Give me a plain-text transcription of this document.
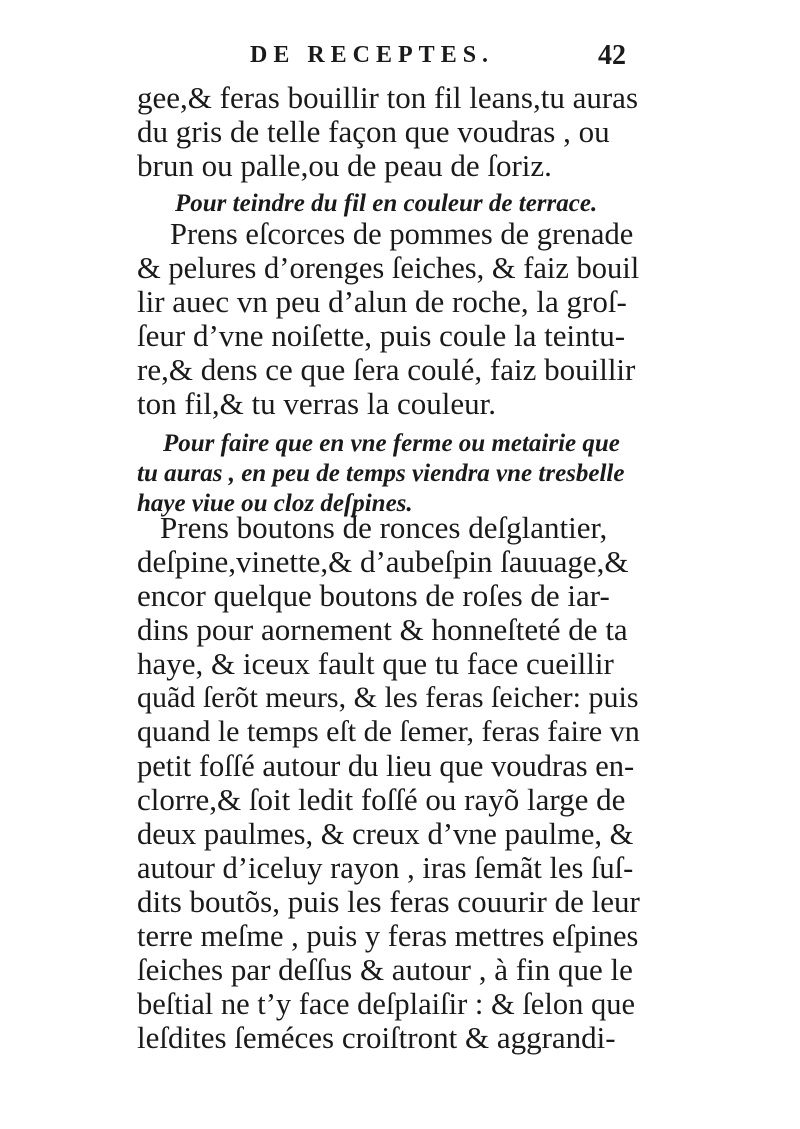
DE RECEPTES.	42
gee,& feras bouillir ton fil leans,tu auras
du gris de telle façon que voudras , ou
brun ou palle,ou de peau de ſoriz.
Pour teindre du fil en couleur de terrace.
Prens eſcorces de pommes de grenade
& pelures d’orenges ſeiches, & faiz bouil
lir auec vn peu d’alun de roche, la groſ-
ſeur d’vne noiſette, puis coule la teintu-
re,& dens ce que ſera coulé, faiz bouillir
ton fil,& tu verras la couleur.
Pour faire que en vne ferme ou metairie que
tu auras , en peu de temps viendra vne tresbelle
haye viue ou cloz deſpines.
Prens boutons de ronces deſglantier,
deſpine,vinette,& d’aubeſpin ſauuage,&
encor quelque boutons de roſes de iar-
dins pour aornement & honneſteté de ta
haye, & iceux fault que tu face cueillir
quãd ſerõt meurs, & les feras ſeicher: puis
quand le temps eſt de ſemer, feras faire vn
petit foſſé autour du lieu que voudras en-
clorre,& ſoit ledit foſſé ou rayõ large de
deux paulmes, & creux d’vne paulme, &
autour d’iceluy rayon , iras ſemãt les ſuſ-
dits boutõs, puis les feras couurir de leur
terre meſme , puis y feras mettres eſpines
ſeiches par deſſus & autour , à fin que le
beſtial ne t’y face deſplaiſir : & ſelon que
leſdites ſeméces croiſtront & aggrandi-
